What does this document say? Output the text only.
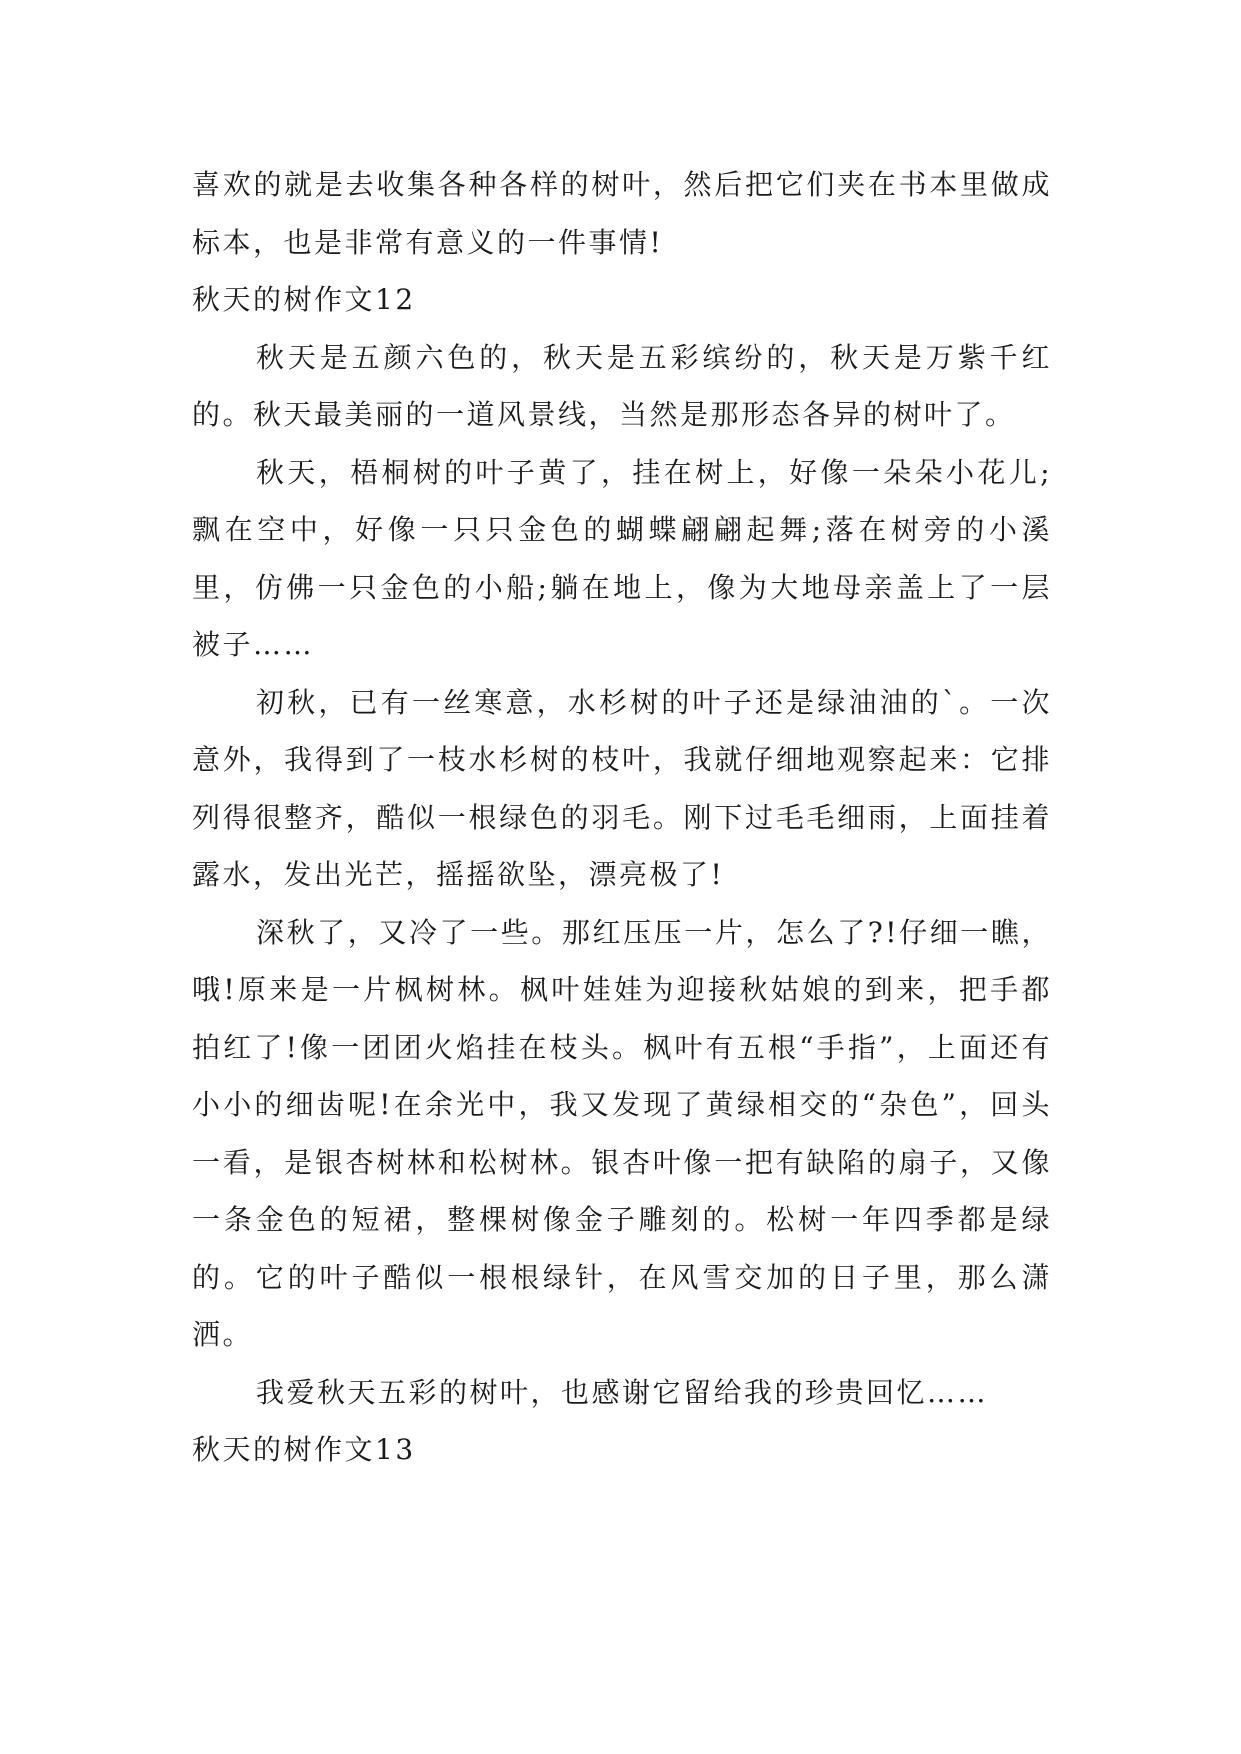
喜欢的就是去收集各种各样的树叶，然后把它们夹在书本里做成标本，也是非常有意义的一件事情!

秋天的树作文12

秋天是五颜六色的，秋天是五彩缤纷的，秋天是万紫千红的。秋天最美丽的一道风景线，当然是那形态各异的树叶了。

秋天，梧桐树的叶子黄了，挂在树上，好像一朵朵小花儿;飘在空中，好像一只只金色的蝴蝶翩翩起舞;落在树旁的小溪里，仿佛一只金色的小船;躺在地上，像为大地母亲盖上了一层被子……

初秋，已有一丝寒意，水杉树的叶子还是绿油油的`。一次意外，我得到了一枝水杉树的枝叶，我就仔细地观察起来：它排列得很整齐，酷似一根绿色的羽毛。刚下过毛毛细雨，上面挂着露水，发出光芒，摇摇欲坠，漂亮极了!

深秋了，又冷了一些。那红压压一片，怎么了?!仔细一瞧，哦!原来是一片枫树林。枫叶娃娃为迎接秋姑娘的到来，把手都拍红了!像一团团火焰挂在枝头。枫叶有五根“手指”，上面还有小小的细齿呢!在余光中，我又发现了黄绿相交的“杂色”，回头一看，是银杏树林和松树林。银杏叶像一把有缺陷的扇子，又像一条金色的短裙，整棵树像金子雕刻的。松树一年四季都是绿的。它的叶子酷似一根根绿针，在风雪交加的日子里，那么潇洒。

我爱秋天五彩的树叶，也感谢它留给我的珍贵回忆……

秋天的树作文13
